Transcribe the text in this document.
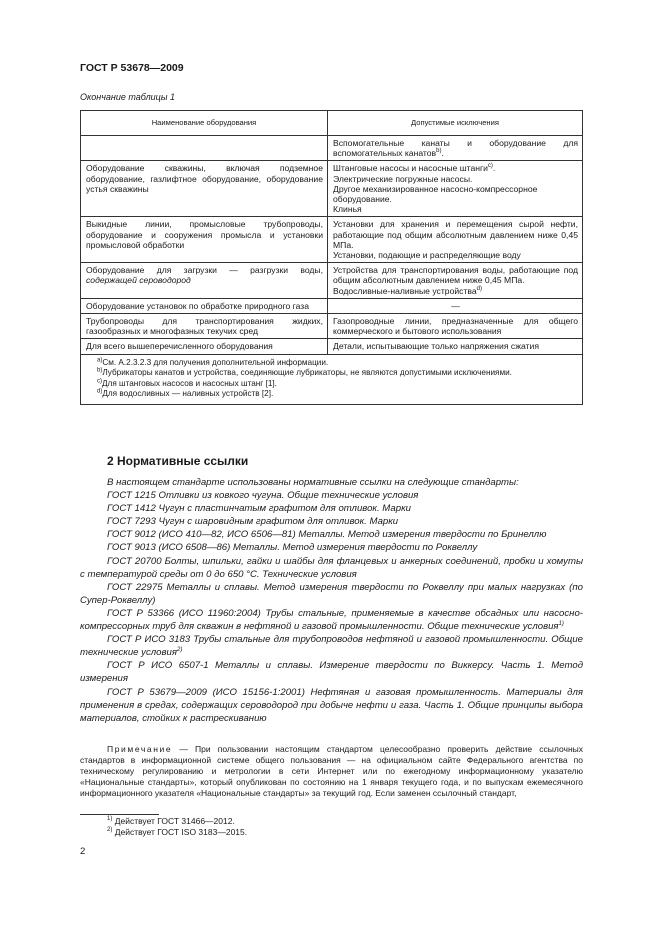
ГОСТ Р 53678—2009
Окончание таблицы 1
Наименование оборудования	Допустимые исключения
	Вспомогательные канаты и оборудование для вспомогательных канатов$^{b)}$.
Оборудование скважины, включая подземное оборудование, газлифтное оборудование, оборудование устья скважины	Штанговые насосы и насосные штанги$^{c)}$.
Электрические погружные насосы.
Другое механизированное насосно-компрессорное оборудование.
Клинья

Выкидные линии, промысловые трубопроводы, оборудование и сооружения промысла и установки промысловой обработки	Установки для хранения и перемещения сырой нефти, работающие под общим абсолютным давлением ниже 0,45 МПа.
Установки, подающие и распределяющие воду

Оборудование для загрузки — разгрузки воды, содержащей сероводород	Устройства для транспортирования воды, работающие под общим абсолютным давлением ниже 0,45 МПа.
Водосливные-наливные устройства$^{d)}$

Оборудование установок по обработке природного газа	—
Трубопроводы для транспортирования жидких, газообразных и многофазных текучих сред	Газопроводные линии, предназначенные для общего коммерческого и бытового использования
Для всего вышеперечисленного оборудования	Детали, испытывающие только напряжения сжатия

$^{a)}$См. А.2.3.2.3 для получения дополнительной информации.
$^{b)}$Лубрикаторы канатов и устройства, соединяющие лубрикаторы, не являются допустимыми исключениями.
$^{c)}$Для штанговых насосов и насосных штанг [1].
$^{d)}$Для водосливных — наливных устройств [2].	
2 Нормативные ссылки

В настоящем стандарте использованы нормативные ссылки на следующие стандарты:

ГОСТ 1215 Отливки из ковкого чугуна. Общие технические условия

ГОСТ 1412 Чугун с пластинчатым графитом для отливок. Марки

ГОСТ 7293 Чугун с шаровидным графитом для отливок. Марки

ГОСТ 9012 (ИСО 410—82, ИСО 6506—81) Металлы. Метод измерения твердости по Бринеллю

ГОСТ 9013 (ИСО 6508—86) Металлы. Метод измерения твердости по Роквеллу

ГОСТ 20700 Болты, шпильки, гайки и шайбы для фланцевых и анкерных соединений, пробки и хомуты с температурой среды от 0 до 650 °С. Технические условия

ГОСТ 22975 Металлы и сплавы. Метод измерения твердости по Роквеллу при малых нагрузках (по Супер-Роквеллу)

ГОСТ Р 53366 (ИСО 11960:2004) Трубы стальные, применяемые в качестве обсадных или насосно-компрессорных труб для скважин в нефтяной и газовой промышленности. Общие технические условия$^{1)}$

ГОСТ Р ИСО 3183 Трубы стальные для трубопроводов нефтяной и газовой промышленности. Общие технические условия$^{2)}$

ГОСТ Р ИСО 6507-1 Металлы и сплавы. Измерение твердости по Виккерсу. Часть 1. Метод измерения

ГОСТ Р 53679—2009 (ИСО 15156-1:2001) Нефтяная и газовая промышленность. Материалы для применения в средах, содержащих сероводород при добыче нефти и газа. Часть 1. Общие принципы выбора материалов, стойких к растрескиванию

Примечание — При пользовании настоящим стандартом целесообразно проверить действие ссылочных стандартов в информационной системе общего пользования — на официальном сайте Федерального агентства по техническому регулированию и метрологии в сети Интернет или по ежегодному информационному указателю «Национальные стандарты», который опубликован по состоянию на 1 января текущего года, и по выпускам ежемесячного информационного указателя «Национальные стандарты» за текущий год. Если заменен ссылочный стандарт,

$^{1)}$ Действует ГОСТ 31466—2012.
$^{2)}$ Действует ГОСТ ISO 3183—2015.
2
